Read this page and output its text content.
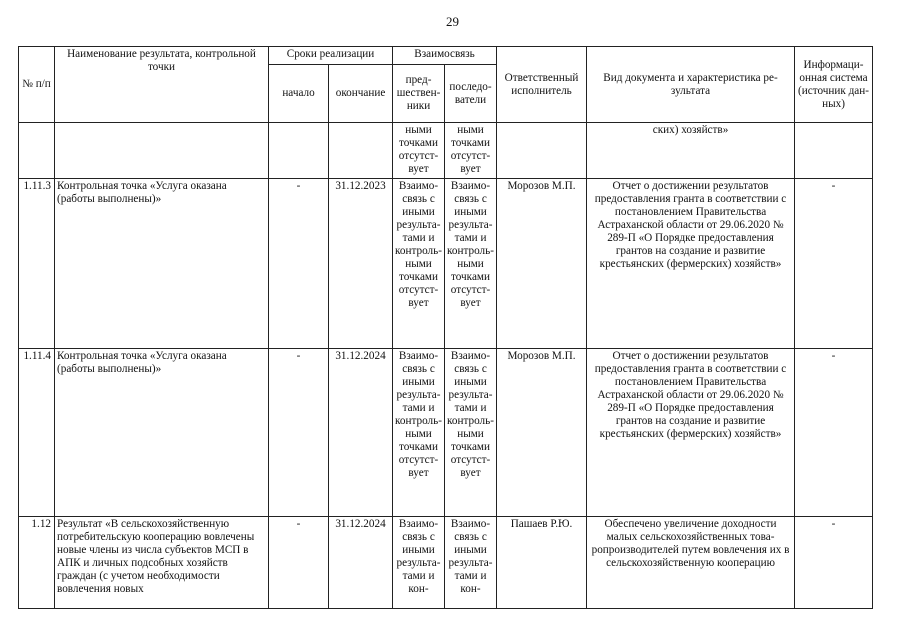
29
№ п/п	Наименование результата, контрольной точки	Сроки реализации		Взаимосвязь		Ответственный исполнитель	Вид документа и характеристика результата	Информационная система (источник данных)
		начало	окончание	предшественники	последователи			
				ными точками отсутствует	ными точками отсутствует		ских) хозяйств»	
1.11.3	Контрольная точка «Услуга оказана (работы выполнены)»	-	31.12.2023	Взаимосвязь с иными результатами и контрольными точками отсутствует	Взаимосвязь с иными результатами и контрольными точками отсутствует	Морозов М.П.	Отчет о достижении результатов предоставления гранта в соответствии с постановлением Правительства Астраханской области от 29.06.2020 № 289-П «О Порядке предоставления грантов на создание и развитие крестьянских (фермерских) хозяйств»	-
1.11.4	Контрольная точка «Услуга оказана (работы выполнены)»	-	31.12.2024	Взаимосвязь с иными результатами и контрольными точками отсутствует	Взаимосвязь с иными результатами и контрольными точками отсутствует	Морозов М.П.	Отчет о достижении результатов предоставления гранта в соответствии с постановлением Правительства Астраханской области от 29.06.2020 № 289-П «О Порядке предоставления грантов на создание и развитие крестьянских (фермерских) хозяйств»	-
1.12	Результат «В сельскохозяйственную потребительскую кооперацию вовлечены новые члены из числа субъектов МСП в АПК и личных подсобных хозяйств граждан (с учетом необходимости вовлечения новых	-	31.12.2024	Взаимосвязь с иными результатами и кон-	Взаимосвязь с иными результатами и кон-	Пашаев Р.Ю.	Обеспечено увеличение доходности малых сельскохозяйственных товаропроизводителей путем вовлечения их в сельскохозяйственную кооперацию	-
